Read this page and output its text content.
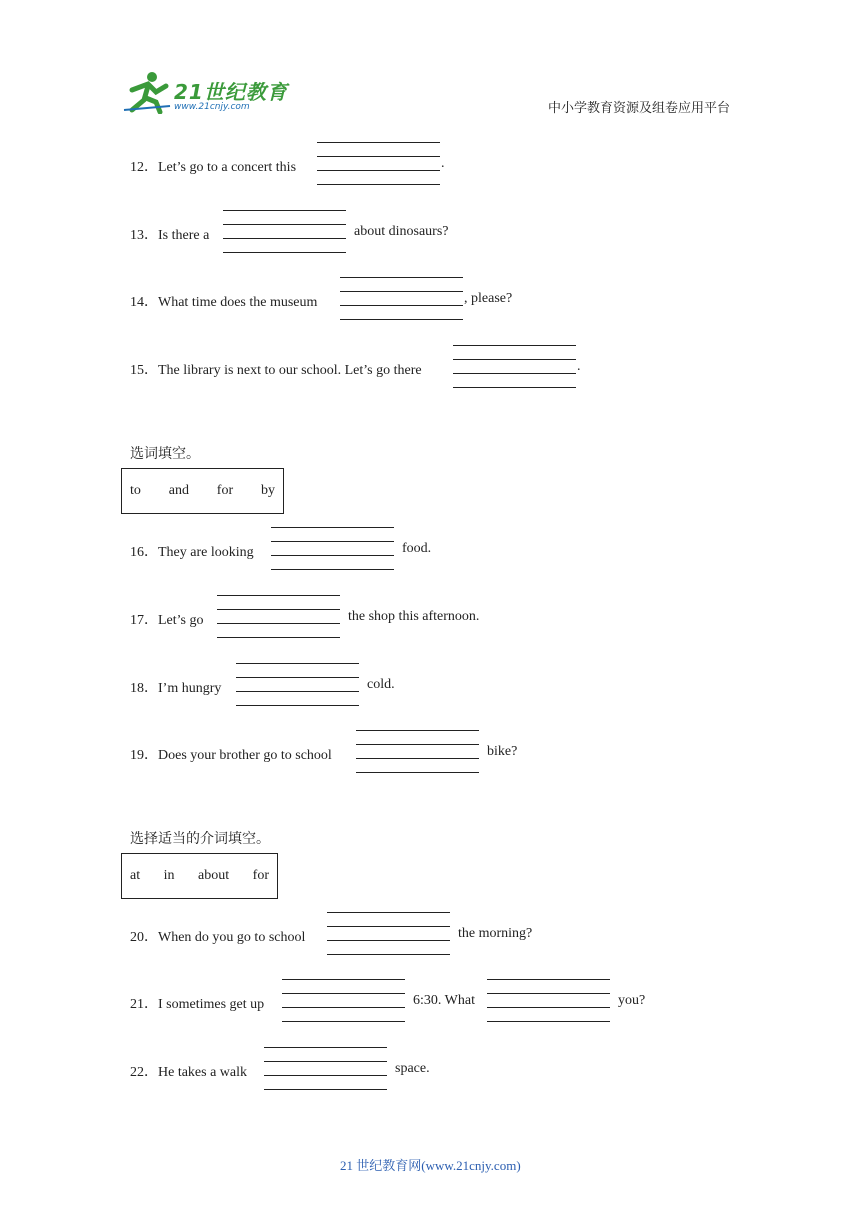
21世纪教育
www.21cnjy.com	中小学教育资源及组卷应用平台
12．Let’s go to a concert this	.
13．Is there a	about dinosaurs?
14．What time does the museum	, please?
15．The library is next to our school. Let’s go there	.
选词填空。
to and for by
16．They are looking	food.
17．Let’s go	the shop this afternoon.
18．I’m hungry	cold.
19．Does your brother go to school	bike?
选择适当的介词填空。
at in about for
20．When do you go to school	the morning?
21．I sometimes get up	6:30. What	you?
22．He takes a walk	space.
21 世纪教育网(www.21cnjy.com)
